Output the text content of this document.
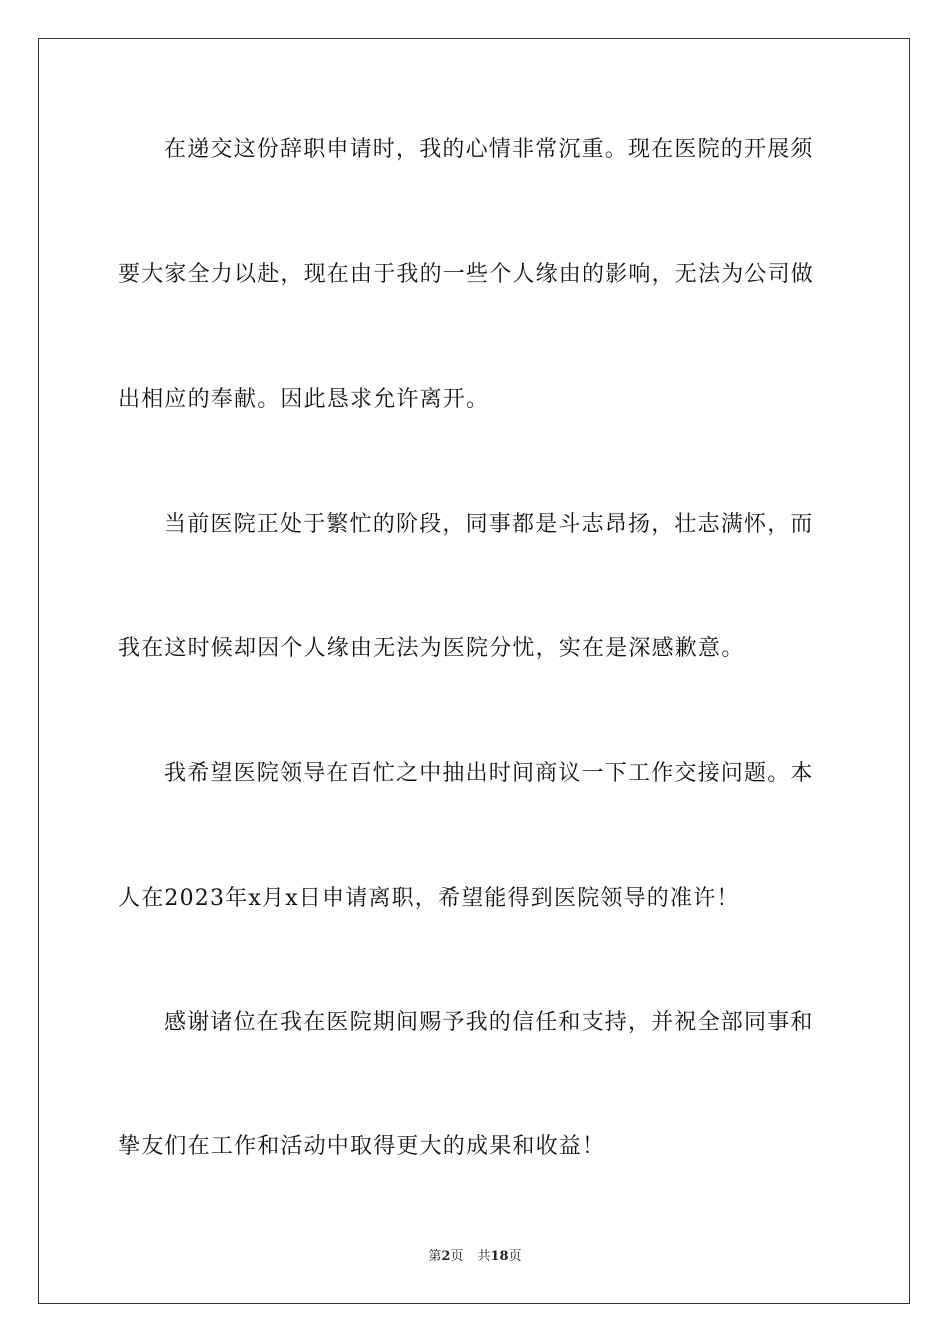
在递交这份辞职申请时，我的心情非常沉重。现在医院的开展须
要大家全力以赴，现在由于我的一些个人缘由的影响，无法为公司做
出相应的奉献。因此恳求允许离开。
当前医院正处于繁忙的阶段，同事都是斗志昂扬，壮志满怀，而
我在这时候却因个人缘由无法为医院分忧，实在是深感歉意。
我希望医院领导在百忙之中抽出时间商议一下工作交接问题。本
人在2023年x月x日申请离职，希望能得到医院领导的准许！
感谢诸位在我在医院期间赐予我的信任和支持，并祝全部同事和
挚友们在工作和活动中取得更大的成果和收益！
第2页 共18页
